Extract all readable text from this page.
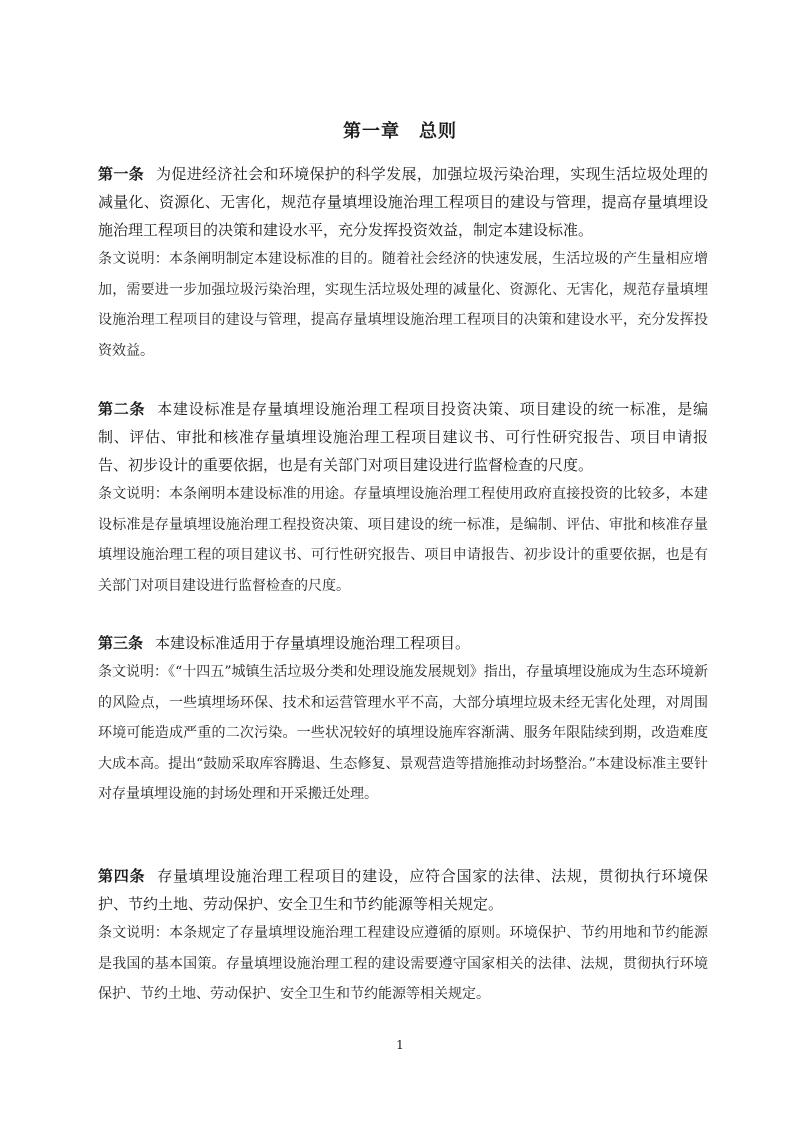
第一章　总则

第一条 为促进经济社会和环境保护的科学发展，加强垃圾污染治理，实现生活垃圾处理的减量化、资源化、无害化，规范存量填埋设施治理工程项目的建设与管理，提高存量填埋设施治理工程项目的决策和建设水平，充分发挥投资效益，制定本建设标准。

条文说明：本条阐明制定本建设标准的目的。随着社会经济的快速发展，生活垃圾的产生量相应增加，需要进一步加强垃圾污染治理，实现生活垃圾处理的减量化、资源化、无害化，规范存量填埋设施治理工程项目的建设与管理，提高存量填埋设施治理工程项目的决策和建设水平，充分发挥投资效益。

第二条 本建设标准是存量填埋设施治理工程项目投资决策、项目建设的统一标准，是编制、评估、审批和核准存量填埋设施治理工程项目建议书、可行性研究报告、项目申请报告、初步设计的重要依据，也是有关部门对项目建设进行监督检查的尺度。

条文说明：本条阐明本建设标准的用途。存量填埋设施治理工程使用政府直接投资的比较多，本建设标准是存量填埋设施治理工程投资决策、项目建设的统一标准，是编制、评估、审批和核准存量填埋设施治理工程的项目建议书、可行性研究报告、项目申请报告、初步设计的重要依据，也是有关部门对项目建设进行监督检查的尺度。

第三条 本建设标准适用于存量填埋设施治理工程项目。

条文说明：《“十四五”城镇生活垃圾分类和处理设施发展规划》指出，存量填埋设施成为生态环境新的风险点，一些填埋场环保、技术和运营管理水平不高，大部分填埋垃圾未经无害化处理，对周围环境可能造成严重的二次污染。一些状况较好的填埋设施库容渐满、服务年限陆续到期，改造难度大成本高。提出“鼓励采取库容腾退、生态修复、景观营造等措施推动封场整治。”本建设标准主要针对存量填埋设施的封场处理和开采搬迁处理。

第四条 存量填埋设施治理工程项目的建设，应符合国家的法律、法规，贯彻执行环境保护、节约土地、劳动保护、安全卫生和节约能源等相关规定。

条文说明：本条规定了存量填埋设施治理工程建设应遵循的原则。环境保护、节约用地和节约能源是我国的基本国策。存量填埋设施治理工程的建设需要遵守国家相关的法律、法规，贯彻执行环境保护、节约土地、劳动保护、安全卫生和节约能源等相关规定。

1
